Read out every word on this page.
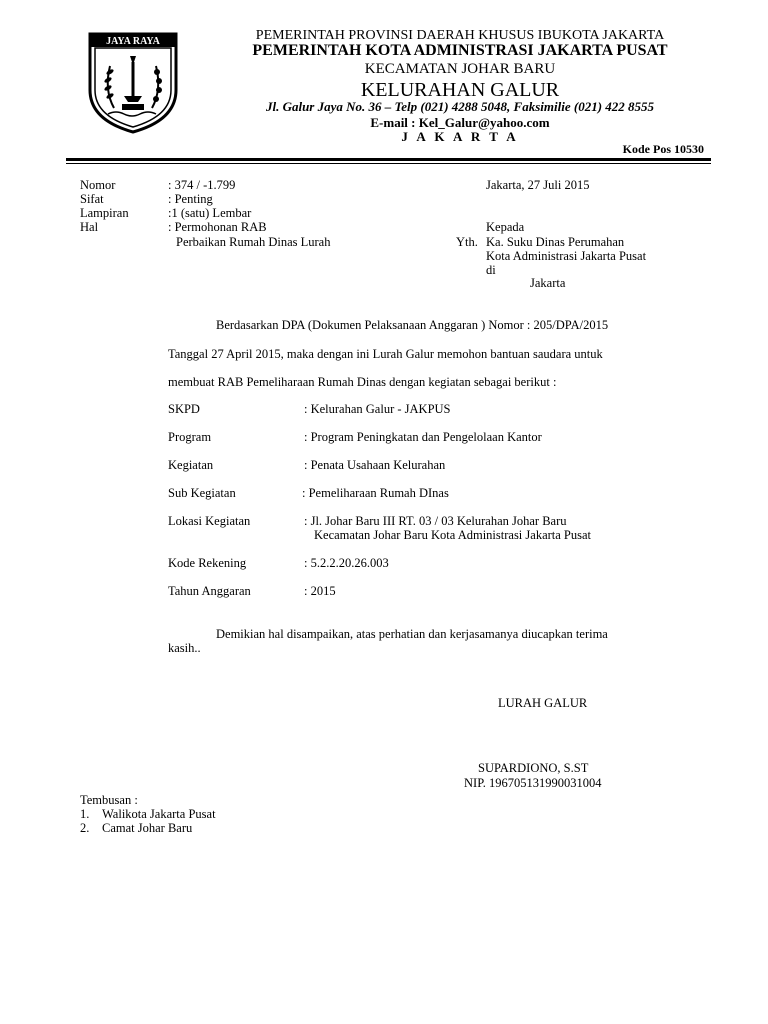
JAYA RAYA	PEMERINTAH PROVINSI DAERAH KHUSUS IBUKOTA JAKARTA
PEMERINTAH KOTA ADMINISTRASI JAKARTA PUSAT
KECAMATAN JOHAR BARU
KELURAHAN GALUR
Jl. Galur Jaya No. 36 – Telp (021) 4288 5048, Faksimilie (021) 422 8555
E-mail : Kel_Galur@yahoo.com
J A K A R T A
Kode Pos 10530
Nomor	: 374 / -1.799
Sifat	: Penting
Lampiran	:1 (satu) Lembar
Hal	: Permohonan RAB
Perbaikan Rumah Dinas Lurah
Jakarta, 27 Juli 2015
Kepada
Yth. Ka. Suku Dinas Perumahan
Kota Administrasi Jakarta Pusat
di
Jakarta
Berdasarkan DPA (Dokumen Pelaksanaan Anggaran ) Nomor : 205/DPA/2015
Tanggal 27 April 2015, maka dengan ini Lurah Galur memohon bantuan saudara untuk
membuat RAB Pemeliharaan Rumah Dinas dengan kegiatan sebagai berikut :
SKPD	: Kelurahan Galur - JAKPUS
Program	: Program Peningkatan dan Pengelolaan Kantor
Kegiatan	: Penata Usahaan Kelurahan
Sub Kegiatan	: Pemeliharaan Rumah DInas
Lokasi Kegiatan	: Jl. Johar Baru III RT. 03 / 03 Kelurahan Johar Baru
Kecamatan Johar Baru Kota Administrasi Jakarta Pusat
Kode Rekening	: 5.2.2.20.26.003
Tahun Anggaran	: 2015
Demikian hal disampaikan, atas perhatian dan kerjasamanya diucapkan terima
kasih..
LURAH GALUR
SUPARDIONO, S.ST
NIP. 196705131990031004
Tembusan :
1. Walikota Jakarta Pusat
2. Camat Johar Baru
